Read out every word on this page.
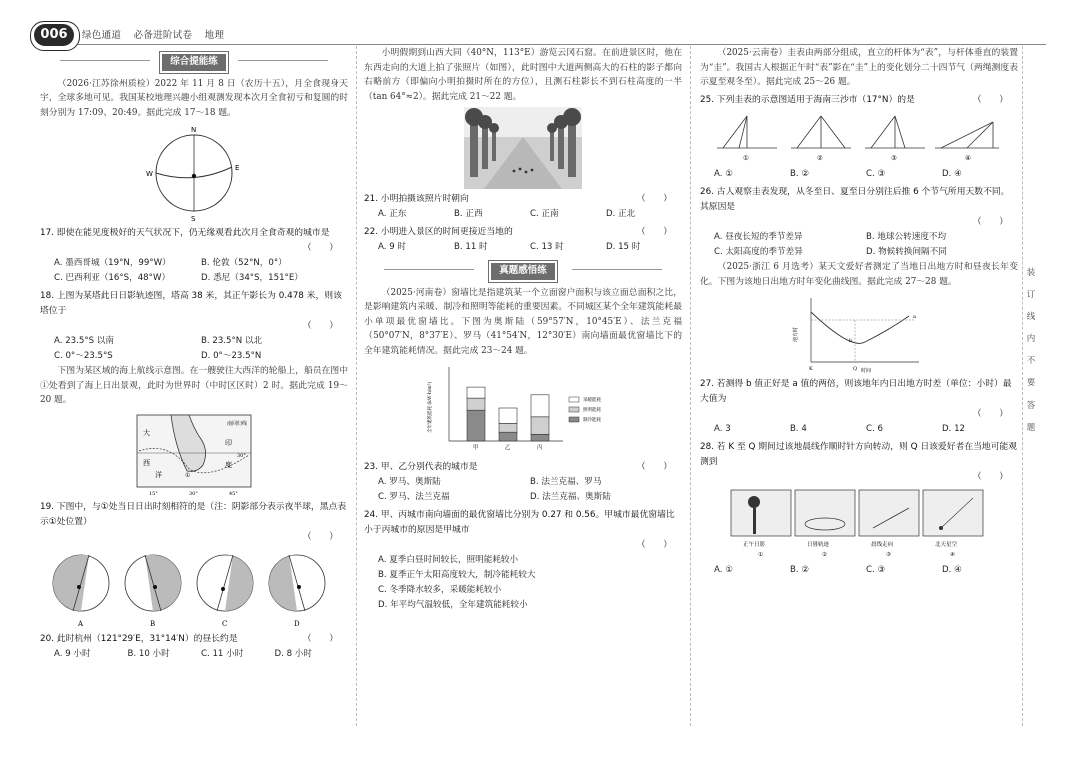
006	绿色通道 必备进阶试卷 地理
综合提能练

（2026·江苏徐州质检）2022 年 11 月 8 日（农历十五），月全食现身天宇，全球多地可见。我国某校地理兴趣小组观测发现本次月全食初亏和复圆的时刻分别为 17:09、20:49。据此完成 17～18 题。

N
S
W
E
17. 即使在能见度极好的天气状况下，仍无缘观看此次月全食奇观的城市是
（　　）
A. 墨西哥城（19°N，99°W）	B. 伦敦（52°N，0°）
C. 巴西利亚（16°S，48°W）	D. 悉尼（34°S，151°E）
18. 上图为某塔此日日影轨迹图，塔高 38 米，其正午影长为 0.478 米，则该塔位于
（　　）
A. 23.5°S 以南	B. 23.5°N 以北
C. 0°～23.5°S	D. 0°～23.5°N

下图为某区域的海上航线示意图。在一艘驶往大西洋的轮船上，船员在图中①处看到了海上日出景观，此时为世界时（中时区区时）2 时。据此完成 19～20 题。

南回归线
大
西
洋
印
度
30°
15°	30°	45°
①
19. 下图中，与①处当日日出时刻相符的是（注：阴影部分表示夜半球，黑点表示①处位置）
（　　）
A	B	C	D
20. 此时杭州（121°29′E，31°14′N）的昼长约是	（　　）
A. 9 小时	B. 10 小时	C. 11 小时	D. 8 小时

小明假期到山西大同（40°N，113°E）游览云冈石窟。在前进景区时，他在东西走向的大道上拍了张照片（如图），此时图中大道两侧高大的石柱的影子都向右略前方（即偏向小明拍摄时所在的方位），且测石柱影长不到石柱高度的一半（tan 64°≈2）。据此完成 21～22 题。

21. 小明拍摄该照片时朝向	（　　）
A. 正东	B. 正西	C. 正南	D. 正北
22. 小明进入景区的时间更接近当地的	（　　）
A. 9 时	B. 11 时	C. 13 时	D. 15 时
真题感悟练

（2025·河南卷）窗墙比是指建筑某一个立面窗户面积与该立面总面积之比，是影响建筑内采暖、制冷和照明等能耗的重要因素。不同城区某个全年建筑能耗最小单项最优窗墙比。下图为奥斯陆（59°57′N，10°45′E）、法兰克福（50°07′N，8°37′E）、罗马（41°54′N，12°30′E）南向墙面最优窗墙比下的全年建筑能耗情况。据此完成 23～24 题。

全年建筑能耗 (kW·h/m²)
甲	乙	丙
采暖能耗
照明能耗
制冷能耗
23. 甲、乙分别代表的城市是	（　　）
A. 罗马、奥斯陆	B. 法兰克福、罗马
C. 罗马、法兰克福	D. 法兰克福、奥斯陆
24. 甲、丙城市南向墙面的最优窗墙比分别为 0.27 和 0.56。甲城市最优窗墙比小于丙城市的原因是甲城市
（　　）
A. 夏季白昼时间较长，照明能耗较小
B. 夏季正午太阳高度较大，制冷能耗较大
C. 冬季降水较多，采暖能耗较小
D. 年平均气温较低，全年建筑能耗较小

（2025·云南卷）圭表由两部分组成，直立的杆体为“表”，与杆体垂直的装置为“圭”。我国古人根据正午时“表”影在“圭”上的变化划分二十四节气（两绳测度表示夏至观冬至）。据此完成 25～26 题。

25. 下列圭表的示意图适用于海南三沙市（17°N）的是	（　　）
①	②	③	④
A. ①	B. ②	C. ③	D. ④
26. 古人观察圭表发现，从冬至日、夏至日分别往后推 6 个节气所用天数不同。其原因是
（　　）
A. 昼夜长短的季节差异	B. 地球公转速度不均
C. 太阳高度的季节差异	D. 物候转换间隔不同

（2025·浙江 6 月选考）某天文爱好者测定了当地日出地方时和昼夜长年变化。下图为该地日出地方时年变化曲线图。据此完成 27～28 题。

地方时
时间
K	Q
a
b
27. 若测得 b 值正好是 a 值的两倍，则该地年内日出地方时差（单位：小时）最大值为
（　　）
A. 3	B. 4	C. 6	D. 12
28. 若 K 至 Q 期间过该地晨线作顺时针方向转动，则 Q 日该爱好者在当地可能观测到
（　　）
正午日影	日晷轨迹	晨线走向	北天星空
①	②	③	④
A. ①	B. ②	C. ③	D. ④
装
订
线
内
不
要
答
题
